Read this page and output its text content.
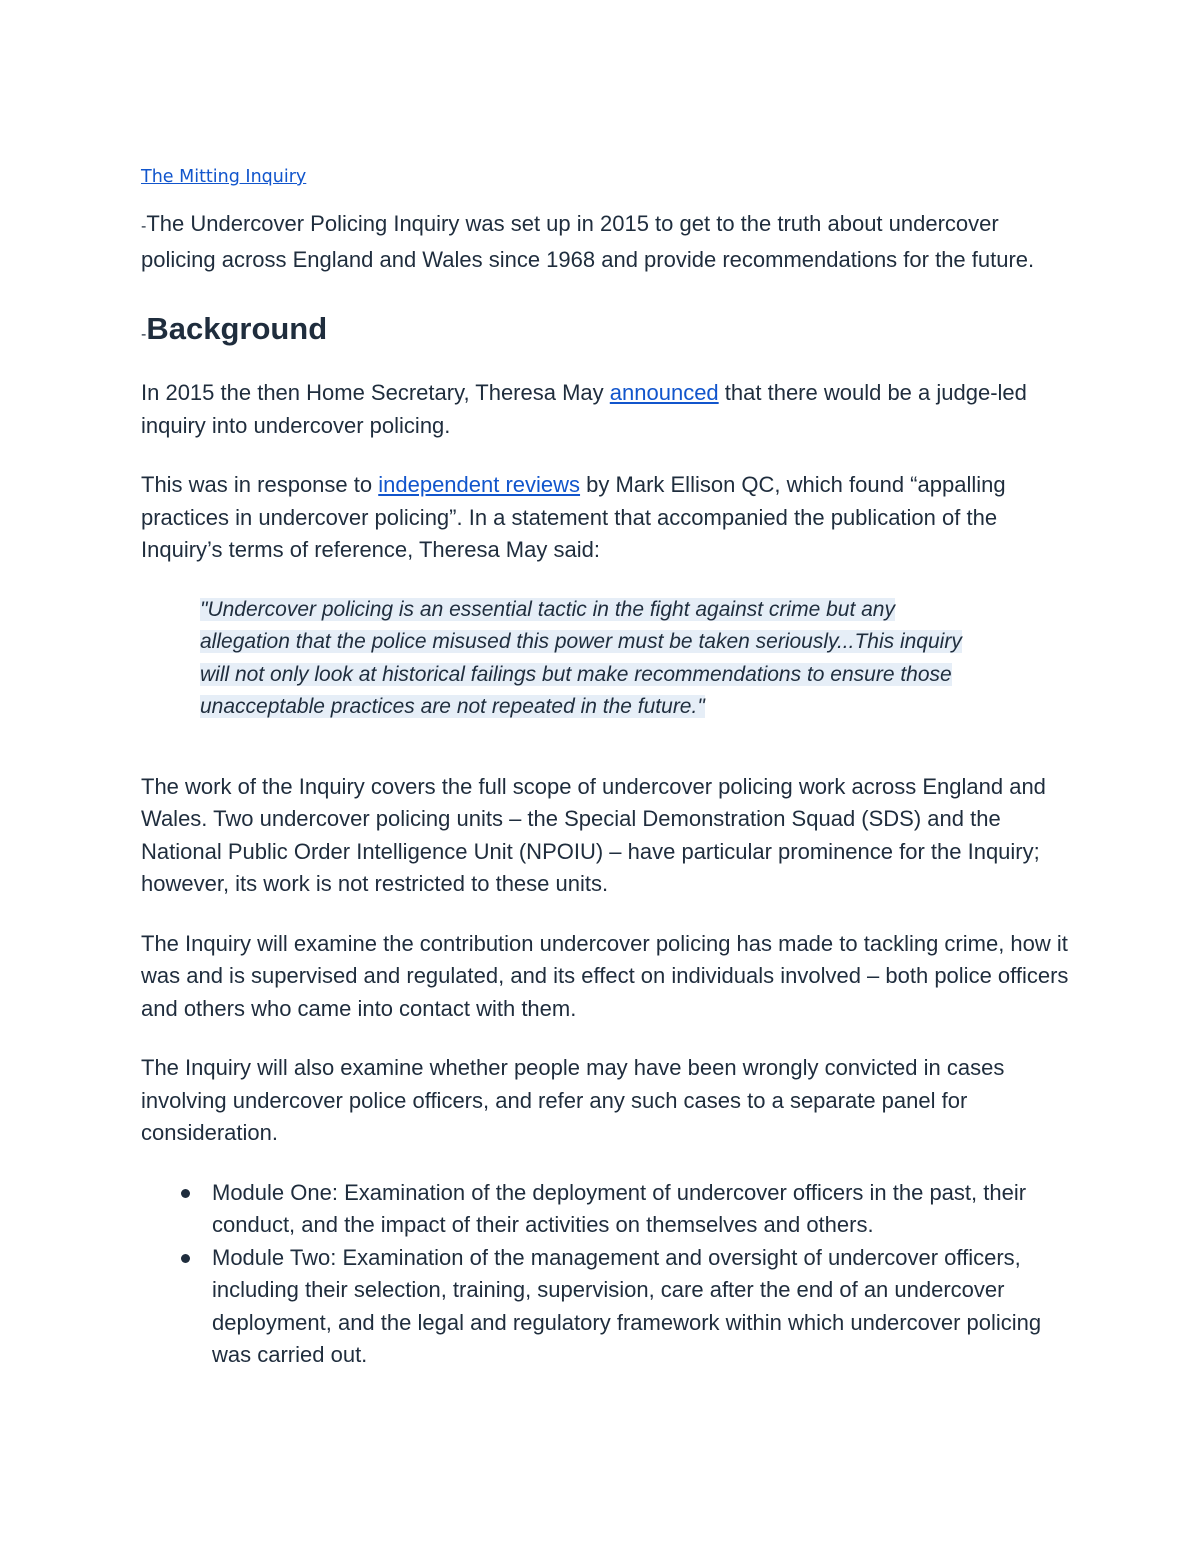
The Mitting Inquiry

-The Undercover Policing Inquiry was set up in 2015 to get to the truth about undercover policing across England and Wales since 1968 and provide recommendations for the future.

-Background

In 2015 the then Home Secretary, Theresa May announced that there would be a judge-led inquiry into undercover policing.

This was in response to independent reviews by Mark Ellison QC, which found “appalling practices in undercover policing”. In a statement that accompanied the publication of the Inquiry’s terms of reference, Theresa May said:

"Undercover policing is an essential tactic in the fight against crime but any allegation that the police misused this power must be taken seriously...This inquiry will not only look at historical failings but make recommendations to ensure those unacceptable practices are not repeated in the future."

The work of the Inquiry covers the full scope of undercover policing work across England and Wales. Two undercover policing units – the Special Demonstration Squad (SDS) and the National Public Order Intelligence Unit (NPOIU) – have particular prominence for the Inquiry; however, its work is not restricted to these units.

The Inquiry will examine the contribution undercover policing has made to tackling crime, how it was and is supervised and regulated, and its effect on individuals involved – both police officers and others who came into contact with them.

The Inquiry will also examine whether people may have been wrongly convicted in cases involving undercover police officers, and refer any such cases to a separate panel for consideration.

Module One: Examination of the deployment of undercover officers in the past, their conduct, and the impact of their activities on themselves and others.
Module Two: Examination of the management and oversight of undercover officers, including their selection, training, supervision, care after the end of an undercover deployment, and the legal and regulatory framework within which undercover policing was carried out.
